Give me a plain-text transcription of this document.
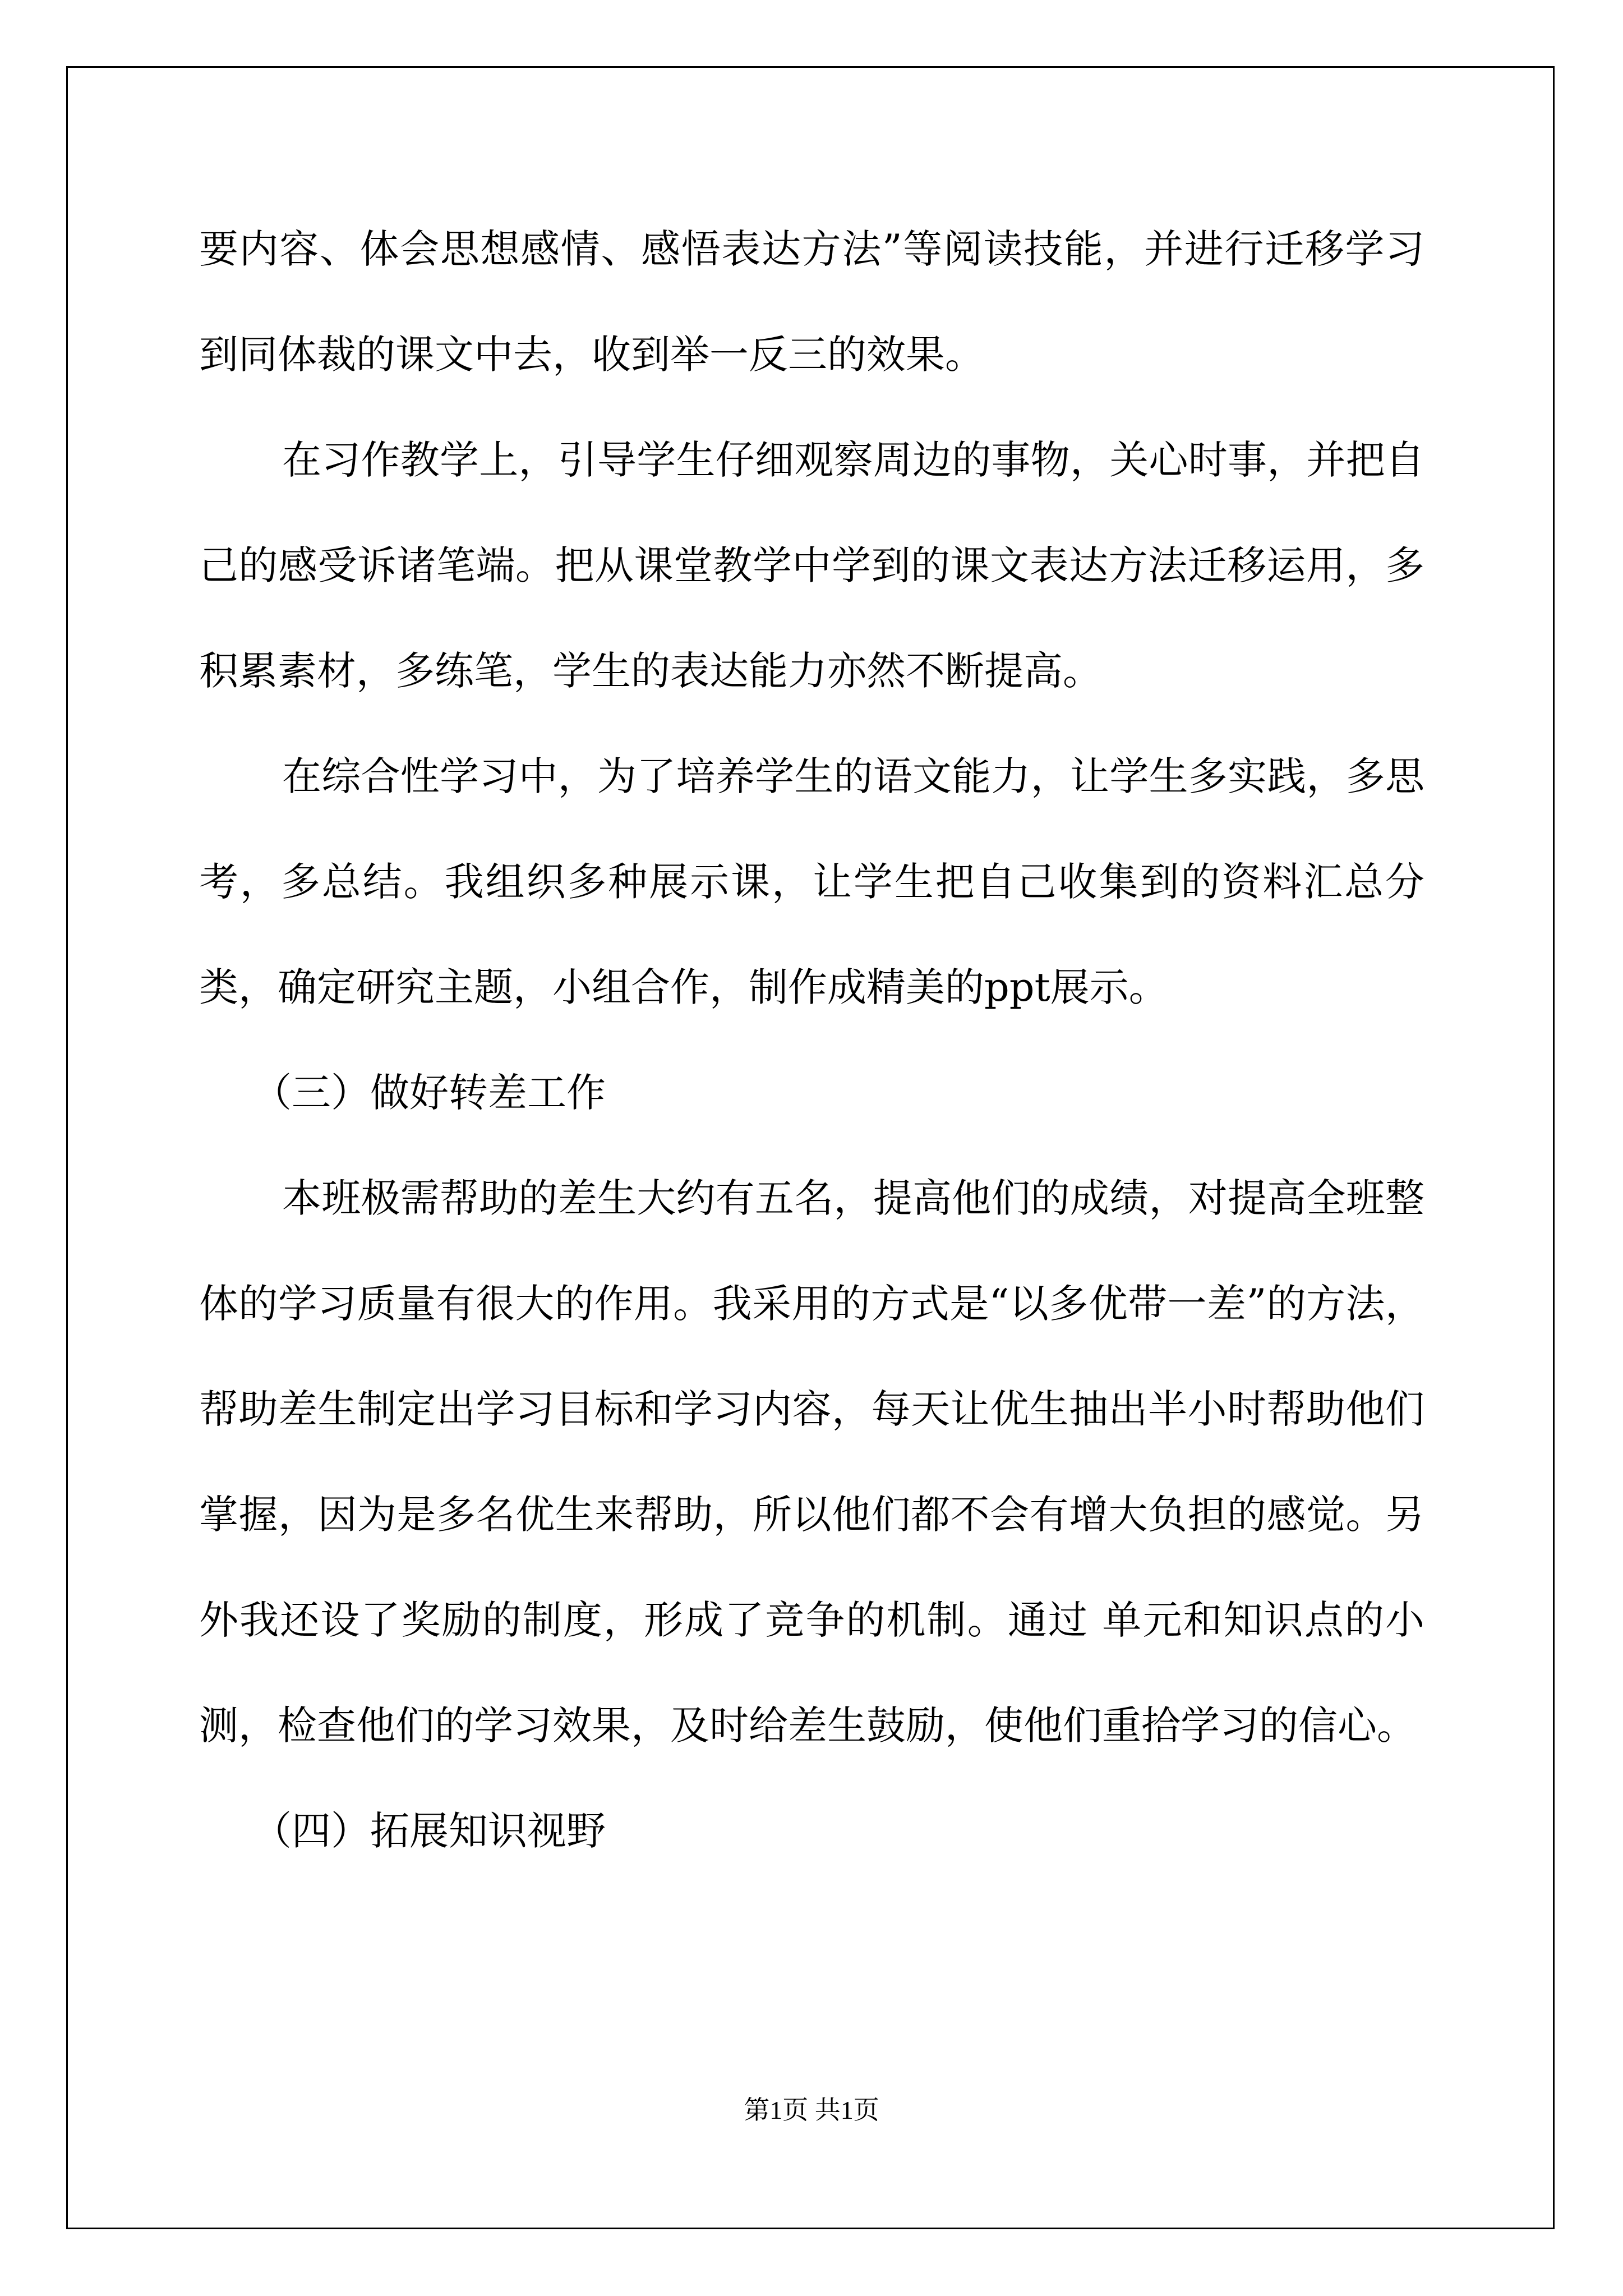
要内容、体会思想感情、感悟表达方法”等阅读技能，并进行迁移学习到同体裁的课文中去，收到举一反三的效果。

在习作教学上，引导学生仔细观察周边的事物，关心时事，并把自己的感受诉诸笔端。把从课堂教学中学到的课文表达方法迁移运用，多积累素材，多练笔，学生的表达能力亦然不断提高。

在综合性学习中，为了培养学生的语文能力，让学生多实践，多思考，多总结。我组织多种展示课，让学生把自己收集到的资料汇总分类，确定研究主题，小组合作，制作成精美的ppt展示。

（三）做好转差工作

本班极需帮助的差生大约有五名，提高他们的成绩，对提高全班整体的学习质量有很大的作用。我采用的方式是“以多优带一差”的方法，帮助差生制定出学习目标和学习内容，每天让优生抽出半小时帮助他们掌握，因为是多名优生来帮助，所以他们都不会有增大负担的感觉。另外我还设了奖励的制度，形成了竞争的机制。通过 单元和知识点的小测，检查他们的学习效果，及时给差生鼓励，使他们重拾学习的信心。

（四）拓展知识视野

第1页 共1页
